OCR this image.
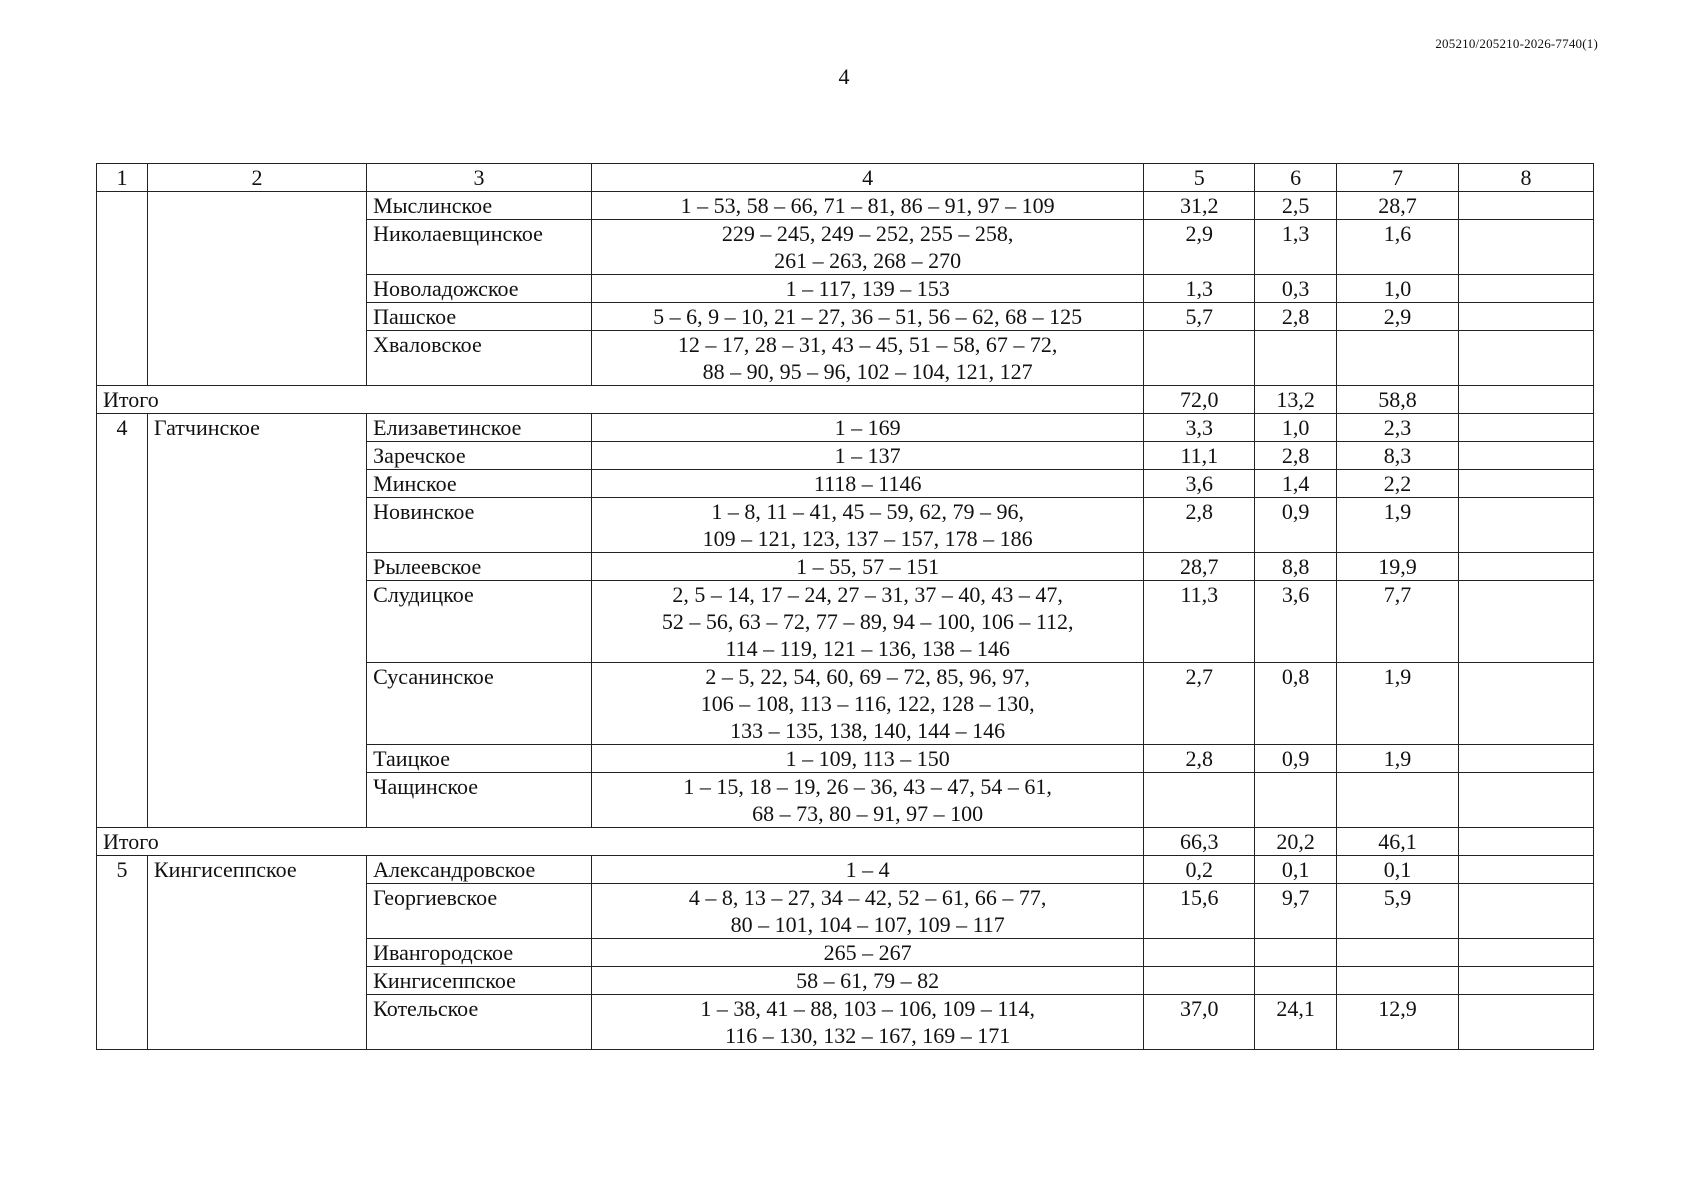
205210/205210-2026-7740(1)
4
1	2	3	4	5	6	7	8
		Мыслинское	1 – 53, 58 – 66, 71 – 81, 86 – 91, 97 – 109	31,2	2,5	28,7	
		Николаевщинское	229 – 245, 249 – 252, 255 – 258,
261 – 263, 268 – 270	2,9	1,3	1,6	
		Новоладожское	1 – 117, 139 – 153	1,3	0,3	1,0	
		Пашское	5 – 6, 9 – 10, 21 – 27, 36 – 51, 56 – 62, 68 – 125	5,7	2,8	2,9	
		Хваловское	12 – 17, 28 – 31, 43 – 45, 51 – 58, 67 – 72,
88 – 90, 95 – 96, 102 – 104, 121, 127				
Итого				72,0	13,2	58,8	
4	Гатчинское	Елизаветинское	1 – 169	3,3	1,0	2,3	
		Заречское	1 – 137	11,1	2,8	8,3	
		Минское	1118 – 1146	3,6	1,4	2,2	
		Новинское	1 – 8, 11 – 41, 45 – 59, 62, 79 – 96,
109 – 121, 123, 137 – 157, 178 – 186	2,8	0,9	1,9	
		Рылеевское	1 – 55, 57 – 151	28,7	8,8	19,9	
		Слудицкое	2, 5 – 14, 17 – 24, 27 – 31, 37 – 40, 43 – 47,
52 – 56, 63 – 72, 77 – 89, 94 – 100, 106 – 112,
114 – 119, 121 – 136, 138 – 146	11,3	3,6	7,7	
		Сусанинское	2 – 5, 22, 54, 60, 69 – 72, 85, 96, 97,
106 – 108, 113 – 116, 122, 128 – 130,
133 – 135, 138, 140, 144 – 146	2,7	0,8	1,9	
		Таицкое	1 – 109, 113 – 150	2,8	0,9	1,9	
		Чащинское	1 – 15, 18 – 19, 26 – 36, 43 – 47, 54 – 61,
68 – 73, 80 – 91, 97 – 100				
Итого				66,3	20,2	46,1	
5	Кингисеппское	Александровское	1 – 4	0,2	0,1	0,1	
		Георгиевское	4 – 8, 13 – 27, 34 – 42, 52 – 61, 66 – 77,
80 – 101, 104 – 107, 109 – 117	15,6	9,7	5,9	
		Ивангородское	265 – 267				
		Кингисеппское	58 – 61, 79 – 82				
		Котельское	1 – 38, 41 – 88, 103 – 106, 109 – 114,
116 – 130, 132 – 167, 169 – 171	37,0	24,1	12,9	
